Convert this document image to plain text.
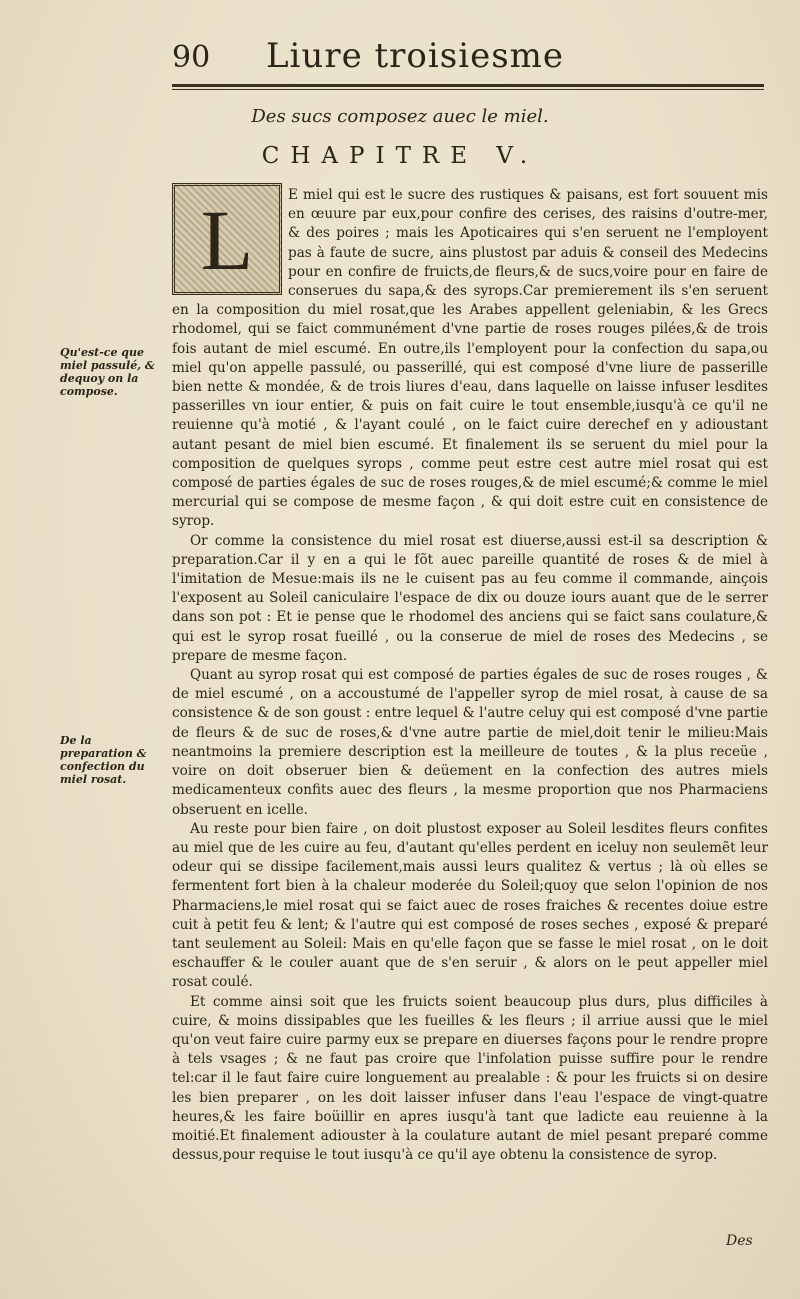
90	Liure troisiesme
Des sucs composez auec le miel.
CHAPITRE V.
L
Qu'est-ce que miel passulé, & dequoy on la compose.
De la preparation & confection du miel rosat.

E miel qui est le sucre des rustiques & paisans, est fort souuent mis en œuure par eux,pour confire des cerises, des raisins d'outre-mer, & des poires ; mais les Apoticaires qui s'en seruent ne l'employent pas à faute de sucre, ains plustost par aduis & conseil des Medecins pour en confire de fruicts,de fleurs,& de sucs,voire pour en faire de conserues du sapa,& des syrops.Car premierement ils s'en seruent en la composition du miel rosat,que les Arabes appellent geleniabin, & les Grecs rhodomel, qui se faict communément d'vne partie de roses rouges pilées,& de trois fois autant de miel escumé. En outre,ils l'employent pour la confection du sapa,ou miel qu'on appelle passulé, ou passerillé, qui est composé d'vne liure de passerille bien nette & mondée, & de trois liures d'eau, dans laquelle on laisse infuser lesdites passerilles vn iour entier, & puis on fait cuire le tout ensemble,iusqu'à ce qu'il ne reuienne qu'à motié , & l'ayant coulé , on le faict cuire derechef en y adioustant autant pesant de miel bien escumé. Et finalement ils se seruent du miel pour la composition de quelques syrops , comme peut estre cest autre miel rosat qui est composé de parties égales de suc de roses rouges,& de miel escumé;& comme le miel mercurial qui se compose de mesme façon , & qui doit estre cuit en consistence de syrop.

Or comme la consistence du miel rosat est diuerse,aussi est-il sa description & preparation.Car il y en a qui le fõt auec pareille quantité de roses & de miel à l'imitation de Mesue:mais ils ne le cuisent pas au feu comme il commande, ainçois l'exposent au Soleil caniculaire l'espace de dix ou douze iours auant que de le serrer dans son pot : Et ie pense que le rhodomel des anciens qui se faict sans coulature,& qui est le syrop rosat fueillé , ou la conserue de miel de roses des Medecins , se prepare de mesme façon.

Quant au syrop rosat qui est composé de parties égales de suc de roses rouges , & de miel escumé , on a accoustumé de l'appeller syrop de miel rosat, à cause de sa consistence & de son goust : entre lequel & l'autre celuy qui est composé d'vne partie de fleurs & de suc de roses,& d'vne autre partie de miel,doit tenir le milieu:Mais neantmoins la premiere description est la meilleure de toutes , & la plus receüe , voire on doit obseruer bien & deüement en la confection des autres miels medicamenteux confits auec des fleurs , la mesme proportion que nos Pharmaciens obseruent en icelle.

Au reste pour bien faire , on doit plustost exposer au Soleil lesdites fleurs confites au miel que de les cuire au feu, d'autant qu'elles perdent en iceluy non seulemẽt leur odeur qui se dissipe facilement,mais aussi leurs qualitez & vertus ; là où elles se fermentent fort bien à la chaleur moderée du Soleil;quoy que selon l'opinion de nos Pharmaciens,le miel rosat qui se faict auec de roses fraiches & recentes doiue estre cuit à petit feu & lent; & l'autre qui est composé de roses seches , exposé & preparé tant seulement au Soleil: Mais en qu'elle façon que se fasse le miel rosat , on le doit eschauffer & le couler auant que de s'en seruir , & alors on le peut appeller miel rosat coulé.

Et comme ainsi soit que les fruicts soient beaucoup plus durs, plus difficiles à cuire, & moins dissipables que les fueilles & les fleurs ; il arriue aussi que le miel qu'on veut faire cuire parmy eux se prepare en diuerses façons pour le rendre propre à tels vsages ; & ne faut pas croire que l'infolation puisse suffire pour le rendre tel:car il le faut faire cuire longuement au prealable : & pour les fruicts si on desire les bien preparer , on les doit laisser infuser dans l'eau l'espace de vingt-quatre heures,& les faire boüillir en apres iusqu'à tant que ladicte eau reuienne à la moitié.Et finalement adiouster à la coulature autant de miel pesant preparé comme dessus,pour requise le tout iusqu'à ce qu'il aye obtenu la consistence de syrop.

Des
